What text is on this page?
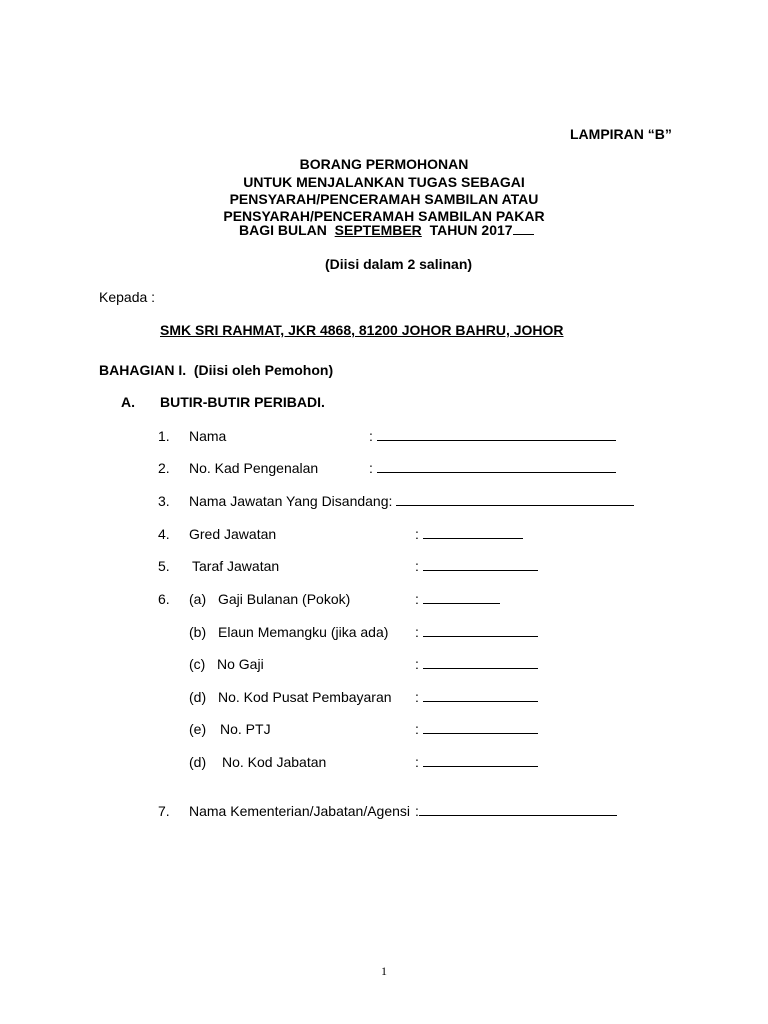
LAMPIRAN “B”
BORANG PERMOHONAN
UNTUK MENJALANKAN TUGAS SEBAGAI
PENSYARAH/PENCERAMAH SAMBILAN ATAU
PENSYARAH/PENCERAMAH SAMBILAN PAKAR
BAGI BULAN SEPTEMBER TAHUN 2017
(Diisi dalam 2 salinan)
Kepada :
SMK SRI RAHMAT, JKR 4868, 81200 JOHOR BAHRU, JOHOR
BAHAGIAN I.  (Diisi oleh Pemohon)
A. BUTIR-BUTIR PERIBADI.
1. Nama	:
2. No. Kad Pengenalan	:
3. Nama Jawatan Yang Disandang:
4. Gred Jawatan	:
5. Taraf Jawatan	:
6. (a) Gaji Bulanan (Pokok)	:
(b) Elaun Memangku (jika ada) :
(c) No Gaji	:
(d) No. Kod Pusat Pembayaran :
(e) No. PTJ	:
(d) No. Kod Jabatan	:
7. Nama Kementerian/Jabatan/Agensi :
1
